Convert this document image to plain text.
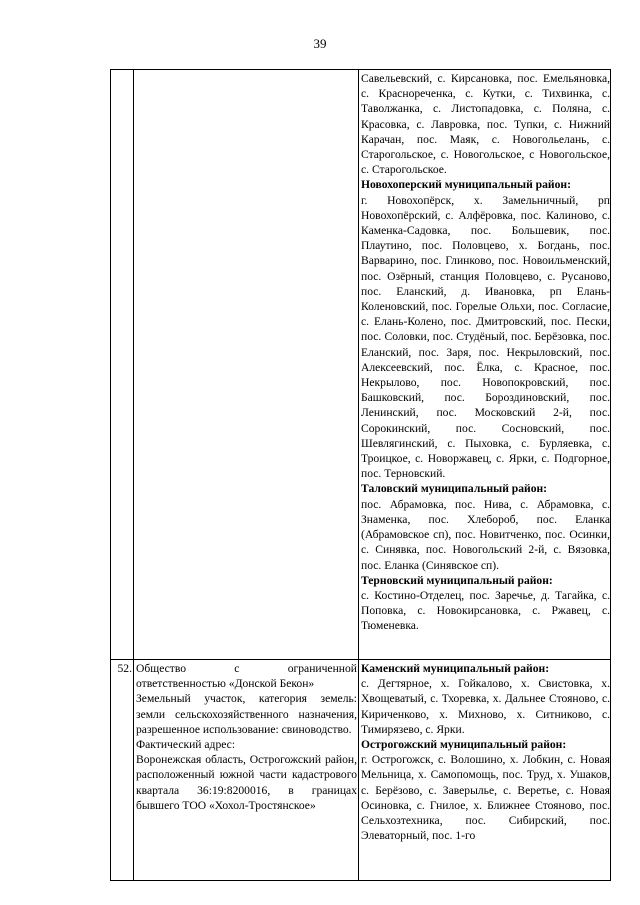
39

Савельевский, с. Кирсановка, пос. Емельяновка, с. Краснореченка, с. Кутки, с. Тихвинка, с. Таволжанка, с. Листопадовка, с. Поляна, с. Красовка, с. Лавровка, пос. Тупки, с. Нижний Карачан, пос. Маяк, с. Новогольелань, с. Старогольское, с. Новогольское, с Новогольское, с. Старогольское.

Новохоперский муниципальный район:

г. Новохопёрск, х. Замельничный, рп Новохопёрский, с. Алфёровка, пос. Калиново, с. Каменка-Садовка, пос. Большевик, пос. Плаутино, пос. Половцево, х. Богдань, пос. Варварино, пос. Глинково, пос. Новоильменский, пос. Озёрный, станция Половцево, с. Русаново, пос. Еланский, д. Ивановка, рп Елань-Коленовский, пос. Горелые Ольхи, пос. Согласие, с. Елань-Колено, пос. Дмитровский, пос. Пески, пос. Соловки, пос. Студёный, пос. Берёзовка, пос. Еланский, пос. Заря, пос. Некрыловский, пос. Алексеевский, пос. Ёлка, с. Красное, пос. Некрылово, пос. Новопокровский, пос. Башковский, пос. Бороздиновский, пос. Ленинский, пос. Московский 2-й, пос. Сорокинский, пос. Сосновский, пос. Шевлягинский, с. Пыховка, с. Бурляевка, с. Троицкое, с. Новоржавец, с. Ярки, с. Подгорное, пос. Терновский.

Таловский муниципальный район:

пос. Абрамовка, пос. Нива, с. Абрамовка, с. Знаменка, пос. Хлебороб, пос. Еланка (Абрамовское сп), пос. Новитченко, пос. Осинки, с. Синявка, пос. Новогольский 2-й, с. Вязовка, пос. Еланка (Синявское сп).

Терновский муниципальный район:

с. Костино-Отделец, пос. Заречье, д. Тагайка, с. Поповка, с. Новокирсановка, с. Ржавец, с. Тюменевка.

52. Общество с ограниченной ответственностью «Донской Бекон»

Земельный участок, категория земель: земли сельскохозяйственного назначения, разрешенное использование: свиноводство.

Фактический адрес:

Воронежская область, Острогожский район, расположенный южной части кадастрового квартала 36:19:8200016, в границах бывшего ТОО «Хохол-Тростянское»

Каменский муниципальный район:

с. Дегтярное, х. Гойкалово, х. Свистовка, х. Хвощеватый, с. Тхоревка, х. Дальнее Стояново, с. Кириченково, х. Михново, х. Ситниково, с. Тимирязево, с. Ярки.

Острогожский муниципальный район:

г. Острогожск, с. Волошино, х. Лобкин, с. Новая Мельница, х. Самопомощь, пос. Труд, х. Ушаков, с. Берёзово, с. Заверылье, с. Веретье, с. Новая Осиновка, с. Гнилое, х. Ближнее Стояново, пос. Сельхозтехника, пос. Сибирский, пос. Элеваторный, пос. 1-го
